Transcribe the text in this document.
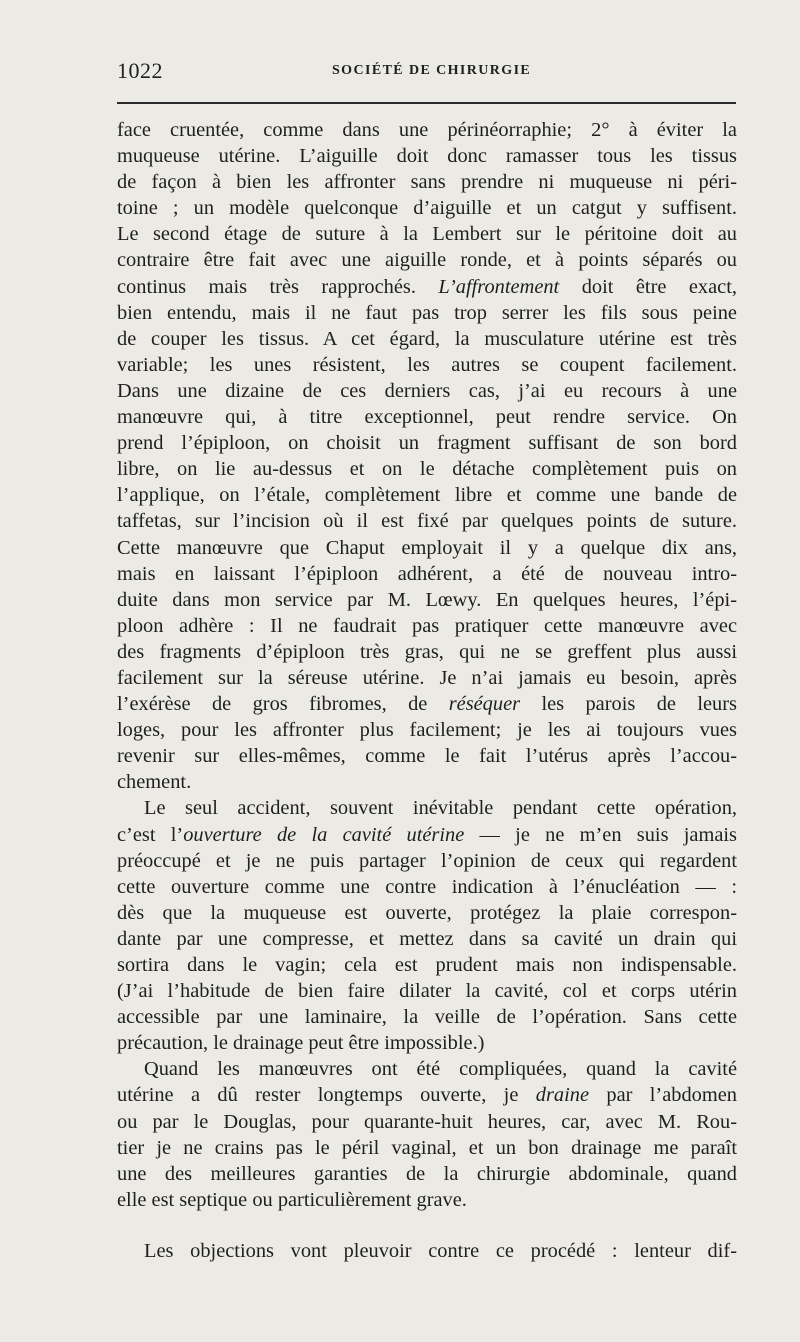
1022	SOCIÉTÉ DE CHIRURGIE
face cruentée, comme dans une périnéorraphie; 2° à éviter la
muqueuse utérine. L’aiguille doit donc ramasser tous les tissus
de façon à bien les affronter sans prendre ni muqueuse ni péri-
toine ; un modèle quelconque d’aiguille et un catgut y suffisent.
Le second étage de suture à la Lembert sur le péritoine doit au
contraire être fait avec une aiguille ronde, et à points séparés ou
continus mais très rapprochés. L’affrontement doit être exact,
bien entendu, mais il ne faut pas trop serrer les fils sous peine
de couper les tissus. A cet égard, la musculature utérine est très
variable; les unes résistent, les autres se coupent facilement.
Dans une dizaine de ces derniers cas, j’ai eu recours à une
manœuvre qui, à titre exceptionnel, peut rendre service. On
prend l’épiploon, on choisit un fragment suffisant de son bord
libre, on lie au-dessus et on le détache complètement puis on
l’applique, on l’étale, complètement libre et comme une bande de
taffetas, sur l’incision où il est fixé par quelques points de suture.
Cette manœuvre que Chaput employait il y a quelque dix ans,
mais en laissant l’épiploon adhérent, a été de nouveau intro-
duite dans mon service par M. Lœwy. En quelques heures, l’épi-
ploon adhère : Il ne faudrait pas pratiquer cette manœuvre avec
des fragments d’épiploon très gras, qui ne se greffent plus aussi
facilement sur la séreuse utérine. Je n’ai jamais eu besoin, après
l’exérèse de gros fibromes, de réséquer les parois de leurs
loges, pour les affronter plus facilement; je les ai toujours vues
revenir sur elles-mêmes, comme le fait l’utérus après l’accou-
chement.
Le seul accident, souvent inévitable pendant cette opération,
c’est l’ouverture de la cavité utérine — je ne m’en suis jamais
préoccupé et je ne puis partager l’opinion de ceux qui regardent
cette ouverture comme une contre indication à l’énucléation — :
dès que la muqueuse est ouverte, protégez la plaie correspon-
dante par une compresse, et mettez dans sa cavité un drain qui
sortira dans le vagin; cela est prudent mais non indispensable.
(J’ai l’habitude de bien faire dilater la cavité, col et corps utérin
accessible par une laminaire, la veille de l’opération. Sans cette
précaution, le drainage peut être impossible.)
Quand les manœuvres ont été compliquées, quand la cavité
utérine a dû rester longtemps ouverte, je draine par l’abdomen
ou par le Douglas, pour quarante-huit heures, car, avec M. Rou-
tier je ne crains pas le péril vaginal, et un bon drainage me paraît
une des meilleures garanties de la chirurgie abdominale, quand
elle est septique ou particulièrement grave.
Les objections vont pleuvoir contre ce procédé : lenteur dif-
